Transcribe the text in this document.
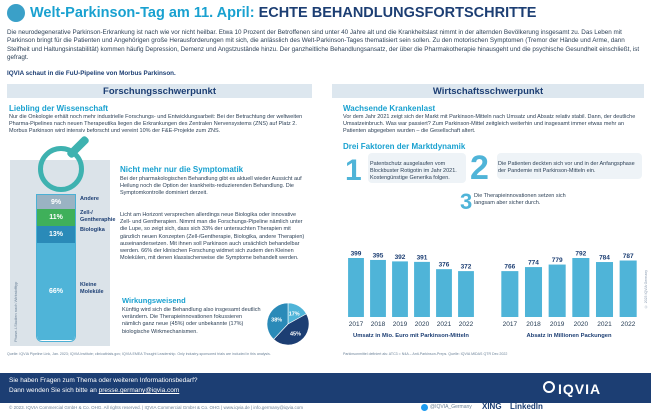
Welt-Parkinson-Tag am 11. April: ECHTE BEHANDLUNGSFORTSCHRITTE
Die neurodegenerative Parkinson-Erkrankung ist nach wie vor nicht heilbar. Etwa 10 Prozent der Betroffenen sind unter 40 Jahre alt und die Krankheitslast nimmt in der alternden Bevölkerung insgesamt zu. Das Leben mit Parkinson bringt für die Patienten und Angehörigen große Herausforderungen mit sich, die anlässlich des Welt-Parkinson-Tages thematisiert sein sollen. Zu den motorischen Symptomen (Tremor der Hände und Arme, dann Steifheit und Haltungsinstabilität) kommen häufig Depression, Demenz und Angstzustände hinzu. Der ganzheitliche Behandlungsansatz, der über die Pharmakotherapie hinausgeht und die psychische Gesundheit einschließt, ist gefragt.
IQVIA schaut in die FuU-Pipeline von Morbus Parkinson.
Forschungsschwerpunkt	Wirtschaftsschwerpunkt
Liebling der Wissenschaft
Nur die Onkologie erhält noch mehr industrielle Forschungs- und Entwicklungsarbeit: Bei der Betrachtung der weltweiten Pharma-Pipelines nach neuen Therapeutika liegen die Erkrankungen des Zentralen Nervensystems (ZNS) auf Platz 2. Morbus Parkinson wird intensiv beforscht und vereint 10% der F&E-Projekte zum ZNS.
Phase-I-Studien nach Wirkstofftyp
9%
11%
13%
66%
Andere
Zell-/ Gentheraphie
Biologika
Kleine Moleküle
Nicht mehr nur die Symptomatik
Bei der pharmakologischen Behandlung gibt es aktuell wieder Aussicht auf Heilung noch die Option der krankheits-reduzierenden Behandlung. Die Symptomkontrolle dominiert derzeit.
Licht am Horizont versprechen allerdings neue Biologika oder innovative Zell- und Gentherapien. Nimmt man die Forschungs-Pipeline nämlich unter die Lupe, so zeigt sich, dass sich 33% der untersuchten Therapien mit gänzlich neuen Konzepten (Zell-/Gentherapie, Biologika, andere Therapien) auseinandersetzen. Mit ihnen soll Parkinson auch ursächlich behandelbar werden. 66% der klinischen Forschung widmet sich zudem den Kleinen Molekülen, mit denen klassischerweise die Symptome behandelt werden.
Wirkungsweisend
Künftig wird sich die Behandlung also insgesamt deutlich verändern. Die Therapieinnovationen fokussieren nämlich ganz neue (45%) oder unbekannte (17%) biologische Wirkmechanismen.
17%
45%
38%
Quelle: IQVIA Pipeline Link, Jan. 2023; IQVIA Institute; clinicaltrials.gov; IQVIA EMEA Thought Leadership. Only industry-sponsored trials are included in this analysis.
Wachsende Krankenlast
Vor dem Jahr 2021 zeigt sich der Markt mit Parkinson-Mitteln nach Umsatz und Absatz relativ stabil. Dann, der deutliche Umsatzeinbruch. Was war passiert? Zum Parkinson-Mittel zeitgleich weiterhin und insgesamt immer etwas mehr an Patienten abgegeben wurden – die Gesellschaft altert.
Drei Faktoren der Marktdynamik
1 Patentschutz ausgelaufen vom Blockbuster Rotigotin im Jahr 2021. Kostengünstige Generika folgen. 2 Die Patienten deckten sich vor und in der Anfangsphase der Pandemie mit Parkinson-Mitteln ein.
3 Die Therapieinnovationen setzen sich langsam aber sicher durch.
399
2017
395
2018
392
2019
391
2020
376
2021
372
2022
Umsatz in Mio. Euro mit Parkinson-Mitteln
766
2017
774
2018
779
2019
792
2020
784
2021
787
2022
Absatz in Millionen Packungen
Parkinsonmittel definiert als: ATC3 = N4A – Anti-Parkinson-Preps. Quelle: IQVIA MIDAS QTR Dec 2022
© 2023 IQVIA Germany
Sie haben Fragen zum Thema oder weiteren Informationsbedarf?
Dann wenden Sie sich bitte an presse.germany@iqvia.com	IQVIA
© 2023. IQVIA Commercial GmbH & Co. OHG. All rights reserved. | IQVIA Commercial GmbH & Co. OHG | www.iqvia.de | info.germany@iqvia.com	@IQVIA_Germany XING LinkedIn
